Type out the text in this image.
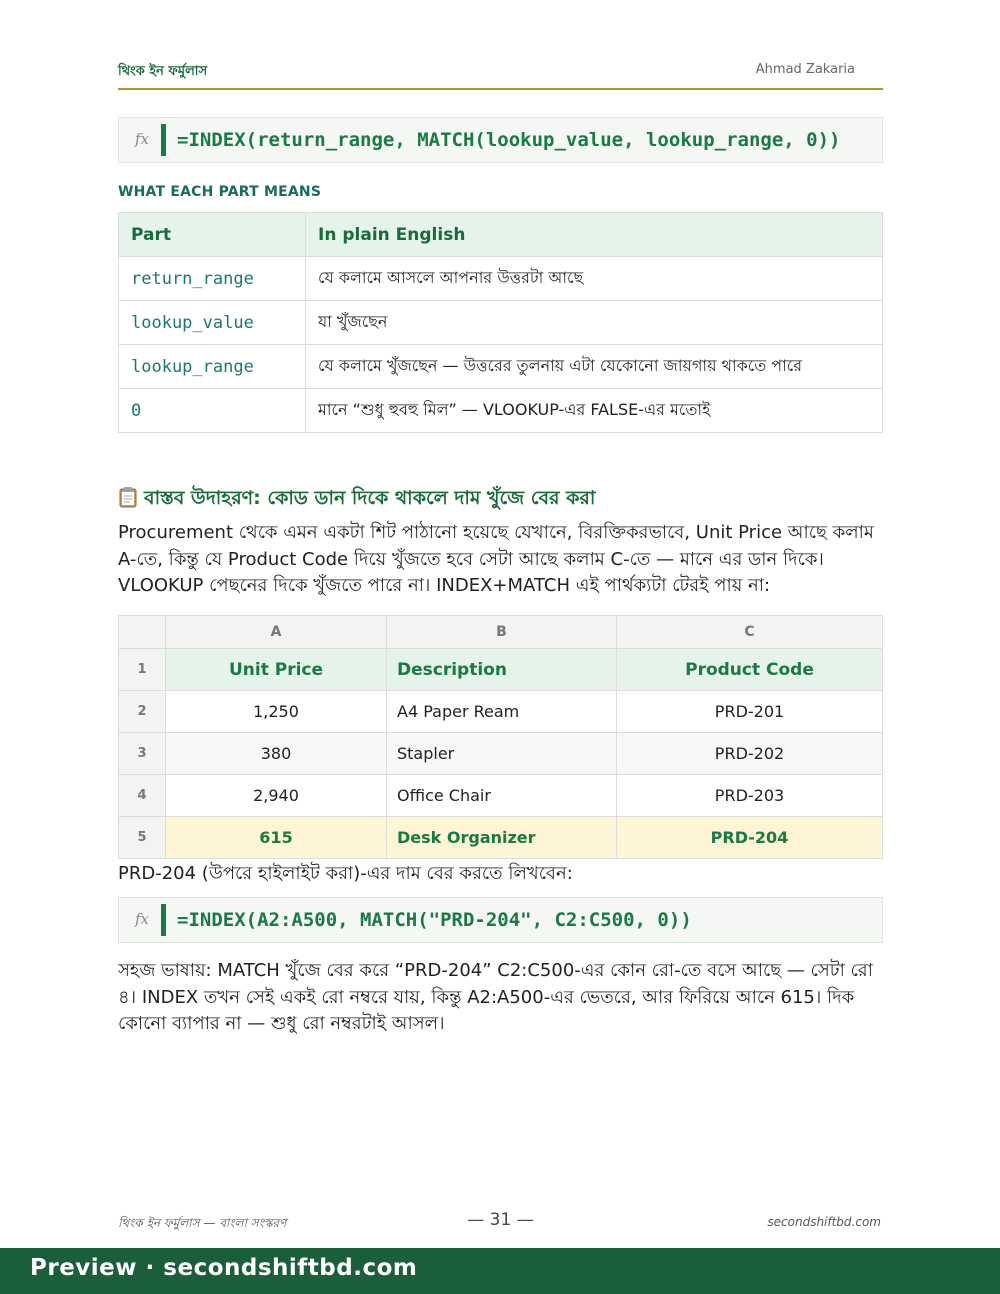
থিংক ইন ফর্মুলাস	Ahmad Zakaria
fx =INDEX(return_range, MATCH(lookup_value, lookup_range, 0))
WHAT EACH PART MEANS
Part	In plain English
return_range	যে কলামে আসলে আপনার উত্তরটা আছে
lookup_value	যা খুঁজছেন
lookup_range	যে কলামে খুঁজছেন — উত্তরের তুলনায় এটা যেকোনো জায়গায় থাকতে পারে
0	মানে “শুধু হুবহু মিল” — VLOOKUP-এর FALSE-এর মতোই
বাস্তব উদাহরণ: কোড ডান দিকে থাকলে দাম খুঁজে বের করা
Procurement থেকে এমন একটা শিট পাঠানো হয়েছে যেখানে, বিরক্তিকরভাবে, Unit Price আছে কলাম A-তে, কিন্তু যে Product Code দিয়ে খুঁজতে হবে সেটা আছে কলাম C-তে — মানে এর ডান দিকে। VLOOKUP পেছনের দিকে খুঁজতে পারে না। INDEX+MATCH এই পার্থক্যটা টেরই পায় না:
	A	B	C
1	Unit Price	Description	Product Code
2	1,250	A4 Paper Ream	PRD-201
3	380	Stapler	PRD-202
4	2,940	Office Chair	PRD-203
5	615	Desk Organizer	PRD-204
PRD-204 (উপরে হাইলাইট করা)-এর দাম বের করতে লিখবেন:
fx =INDEX(A2:A500, MATCH("PRD-204", C2:C500, 0))
সহজ ভাষায়: MATCH খুঁজে বের করে “PRD-204” C2:C500-এর কোন রো-তে বসে আছে — সেটা রো ৪। INDEX তখন সেই একই রো নম্বরে যায়, কিন্তু A2:A500-এর ভেতরে, আর ফিরিয়ে আনে 615। দিক কোনো ব্যাপার না — শুধু রো নম্বরটাই আসল।
থিংক ইন ফর্মুলাস — বাংলা সংস্করণ	— 31 —	secondshiftbd.com
Preview · secondshiftbd.com
